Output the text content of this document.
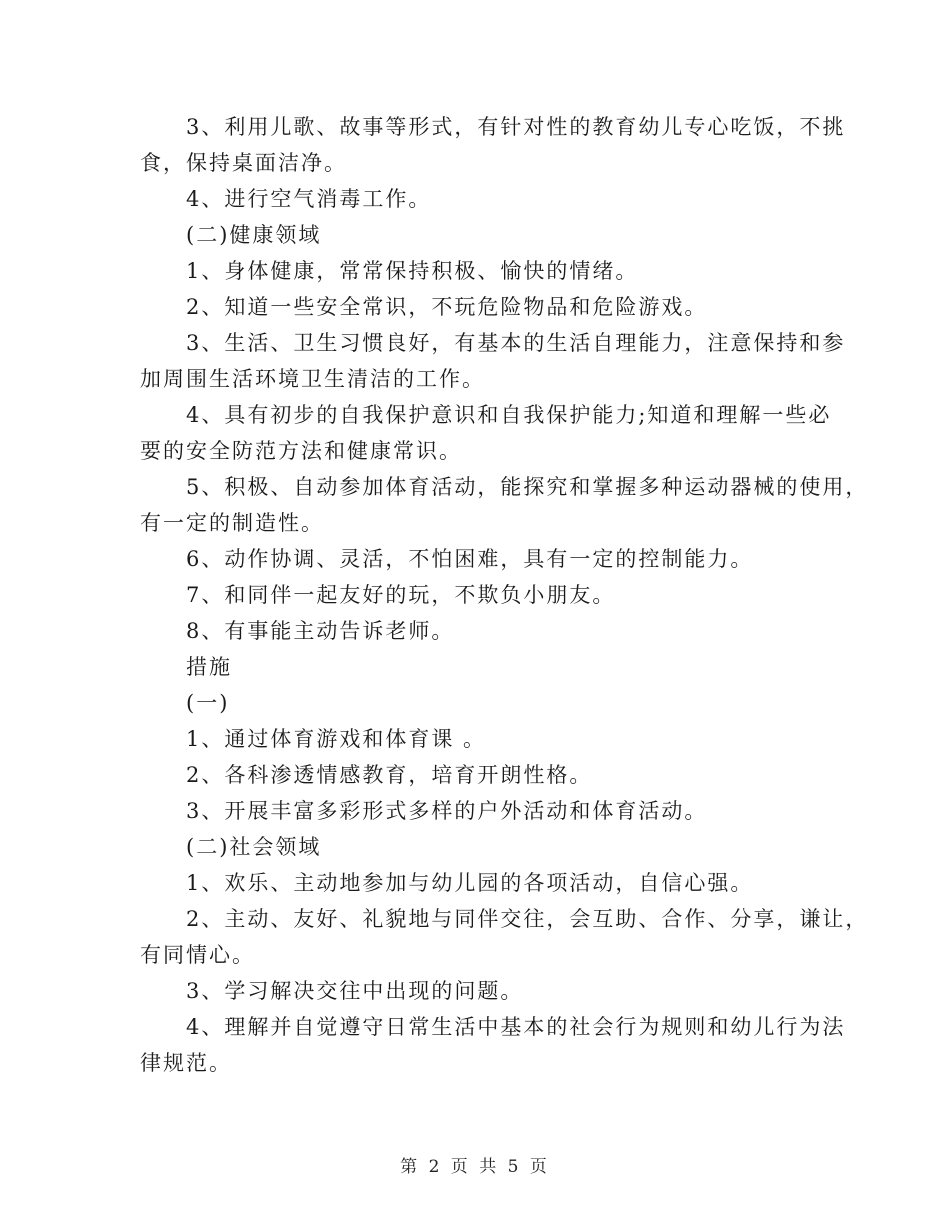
3、利用儿歌、故事等形式，有针对性的教育幼儿专心吃饭，不挑

食，保持桌面洁净。

4、进行空气消毒工作。

(二)健康领域

1、身体健康，常常保持积极、愉快的情绪。

2、知道一些安全常识，不玩危险物品和危险游戏。

3、生活、卫生习惯良好，有基本的生活自理能力，注意保持和参

加周围生活环境卫生清洁的工作。

4、具有初步的自我保护意识和自我保护能力;知道和理解一些必

要的安全防范方法和健康常识。

5、积极、自动参加体育活动，能探究和掌握多种运动器械的使用，

有一定的制造性。

6、动作协调、灵活，不怕困难，具有一定的控制能力。

7、和同伴一起友好的玩，不欺负小朋友。

8、有事能主动告诉老师。

措施

(一)

1、通过体育游戏和体育课 。

2、各科渗透情感教育，培育开朗性格。

3、开展丰富多彩形式多样的户外活动和体育活动。

(二)社会领域

1、欢乐、主动地参加与幼儿园的各项活动，自信心强。

2、主动、友好、礼貌地与同伴交往，会互助、合作、分享，谦让，

有同情心。

3、学习解决交往中出现的问题。

4、理解并自觉遵守日常生活中基本的社会行为规则和幼儿行为法

律规范。

第 2 页 共 5 页
